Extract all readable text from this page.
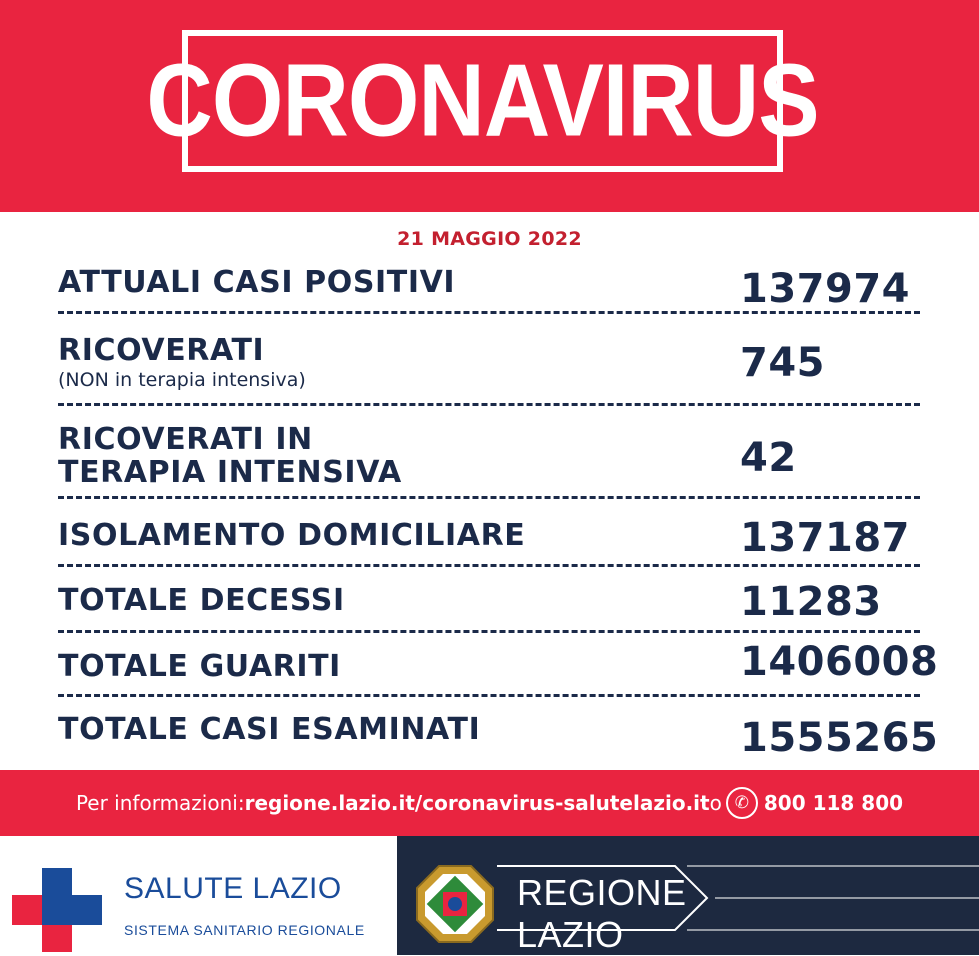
CORONAVIRUS
21 MAGGIO 2022
ATTUALI CASI POSITIVI	137974
RICOVERATI
(NON in terapia intensiva)	745
RICOVERATI IN
TERAPIA INTENSIVA	42
ISOLAMENTO DOMICILIARE	137187
TOTALE DECESSI	11283
TOTALE GUARITI	1406008
TOTALE CASI ESAMINATI	1555265
Per informazioni: regione.lazio.it/coronavirus - salutelazio.it o ✆ 800 118 800
SALUTE LAZIO
SISTEMA SANITARIO REGIONALE
REGIONE
LAZIO
